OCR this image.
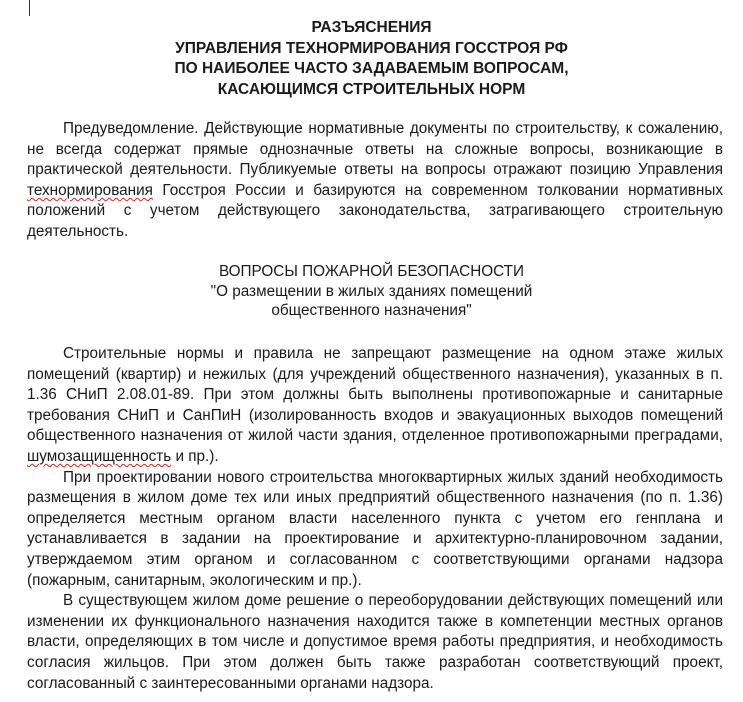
РАЗЪЯСНЕНИЯ
УПРАВЛЕНИЯ ТЕХНОРМИРОВАНИЯ ГОССТРОЯ РФ
ПО НАИБОЛЕЕ ЧАСТО ЗАДАВАЕМЫМ ВОПРОСАМ,
КАСАЮЩИМСЯ СТРОИТЕЛЬНЫХ НОРМ

Предуведомление. Действующие нормативные документы по строительству, к сожалению, не всегда содержат прямые однозначные ответы на сложные вопросы, возникающие в практической деятельности. Публикуемые ответы на вопросы отражают позицию Управления технормирования Госстроя России и базируются на современном толковании нормативных положений с учетом действующего законодательства, затрагивающего строительную деятельность.

ВОПРОСЫ ПОЖАРНОЙ БЕЗОПАСНОСТИ
"О размещении в жилых зданиях помещений
общественного назначения"

Строительные нормы и правила не запрещают размещение на одном этаже жилых помещений (квартир) и нежилых (для учреждений общественного назначения), указанных в п. 1.36 СНиП 2.08.01-89. При этом должны быть выполнены противопожарные и санитарные требования СНиП и СанПиН (изолированность входов и эвакуационных выходов помещений общественного назначения от жилой части здания, отделенное противопожарными преградами, шумозащищенность и пр.).

При проектировании нового строительства многоквартирных жилых зданий необходимость размещения в жилом доме тех или иных предприятий общественного назначения (по п. 1.36) определяется местным органом власти населенного пункта с учетом его генплана и устанавливается в задании на проектирование и архитектурно-планировочном задании, утверждаемом этим органом и согласованном с соответствующими органами надзора (пожарным, санитарным, экологическим и пр.).

В существующем жилом доме решение о переоборудовании действующих помещений или изменении их функционального назначения находится также в компетенции местных органов власти, определяющих в том числе и допустимое время работы предприятия, и необходимость согласия жильцов. При этом должен быть также разработан соответствующий проект, согласованный с заинтересованными органами надзора.
